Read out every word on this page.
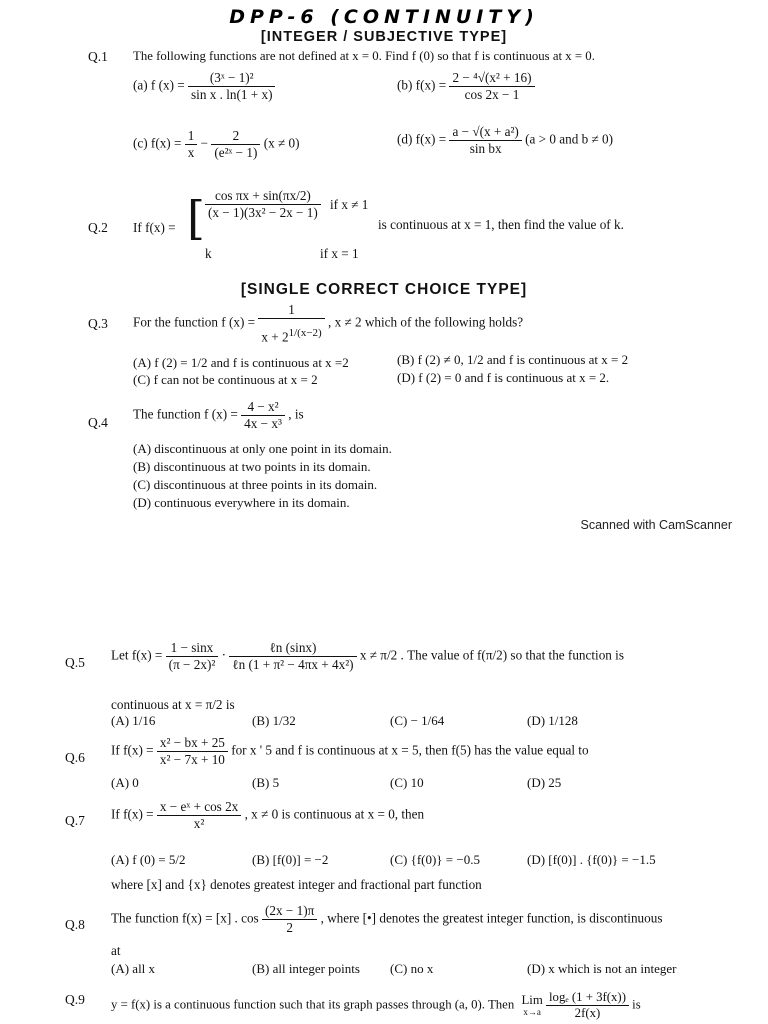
DPP-6 (CONTINUITY)
[INTEGER / SUBJECTIVE TYPE]
Q.1 The following functions are not defined at x = 0. Find f (0) so that f is continuous at x = 0.
(a) f $(x) = \frac{\text{(3ˣ − 1)²}}{\text{sin x . ln(1 + x)}}$	(b) $f(x) = \frac{\text{2 − ⁴√(x² + 16)}}{\cos 2x - 1}$
(c) $f(x) = \frac{1}{x} - \frac{2}{\text{(e²ˣ − 1)}} (x \ne 0)$	(d) $f(x) = \frac{\text{a − √(x + a²)}}{\text{sin bx}} (a > 0$ and b ≠ 0)
Q.2 If f(x) = [ $\frac{\text{cos πx + sin(πx/2)}}{\text{(x − 1)(3x² − 2x − 1)}}$ if x ≠ 1
k	if x = 1
is continuous at x = 1, then find the value of k.
[SINGLE CORRECT CHOICE TYPE]
Q.3 For the function f $(x) = \frac{1}{x + 2^{1/(x-2)}}$ , x ≠ 2 which of the following holds?
(A) f (2) = 1/2 and f is continuous at x =2	(B) f (2) ≠ 0, 1/2 and f is continuous at x = 2
(C) f can not be continuous at x = 2	(D) f (2) = 0 and f is continuous at x = 2.
Q.4
The function f $(x) = \frac{\text{4 − x²}}{\text{4x − x³}}$ , is
(A) discontinuous at only one point in its domain.
(B) discontinuous at two points in its domain.
(C) discontinuous at three points in its domain.
(D) continuous everywhere in its domain.
Scanned with CamScanner
Q.5 Let $f(x) = \frac{1 - \sin x}{\text{(π − 2x)²}} \cdot \frac{\text{ℓn (sinx)}}{\text{ℓn (1 + π² − 4πx + 4x²)}}$ x ≠ π/2 . The value of f(π/2) so that the function is
continuous at x = π/2 is
(A) 1/16	(B) 1/32	(C) − 1/64	(D) 1/128
Q.6 If $f(x) = \frac{\text{x² − bx + 25}}{\text{x² − 7x + 10}}$ for x ' 5 and f is continuous at x = 5, then f(5) has the value equal to
(A) 0	(B) 5	(C) 10	(D) 25
Q.7 If $f(x) = \frac{\text{x − eˣ + cos 2x}}{\text{x²}}$ , x ≠ 0 is continuous at x = 0, then
(A) f (0) = 5/2	(B) [f(0)] = −2	(C) {f(0)} = −0.5	(D) [f(0)] . {f(0)} = −1.5
where [x] and {x} denotes greatest integer and fractional part function
Q.8 The function f(x) = [x] . $\cos \frac{(2x - 1)\pi}{2}$ , where [•] denotes the greatest integer function, is discontinuous
at
(A) all x	(B) all integer points (C) no x	(D) x which is not an integer
Q.9 y = f(x) is a continuous function such that its graph passes through (a, 0). Then Lim
x→a
$\frac{\text{logₑ (1 + 3f(x))}}{2f(x)}$ is
